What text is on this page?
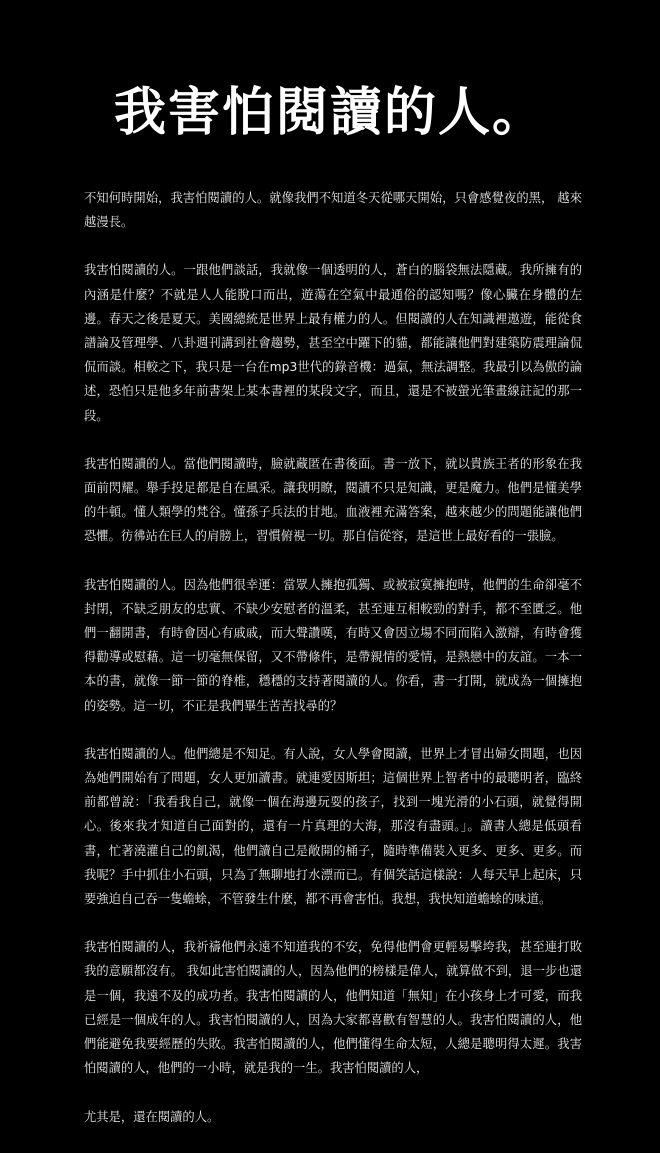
我害怕閱讀的人。

不知何時開始，我害怕閱讀的人。就像我們不知道冬天從哪天開始，只會感覺夜的黑， 越來越漫長。

我害怕閱讀的人。一跟他們談話，我就像一個透明的人，蒼白的腦袋無法隱藏。我所擁有的內涵是什麼？不就是人人能脫口而出，遊蕩在空氣中最通俗的認知嗎？像心臟在身體的左邊。春天之後是夏天。美國總統是世界上最有權力的人。但閱讀的人在知識裡遨遊，能從食譜論及管理學、八卦週刊講到社會趨勢，甚至空中躍下的貓，都能讓他們對建築防震理論侃侃而談。相較之下，我只是一台在mp3世代的錄音機：過氣，無法調整。我最引以為傲的論述，恐怕只是他多年前書架上某本書裡的某段文字，而且，還是不被螢光筆畫線註記的那一段。

我害怕閱讀的人。當他們閱讀時，臉就藏匿在書後面。書一放下，就以貴族王者的形象在我面前閃耀。舉手投足都是自在風采。讓我明瞭，閱讀不只是知識，更是魔力。他們是懂美學的牛頓。懂人類學的梵谷。懂孫子兵法的甘地。血液裡充滿答案，越來越少的問題能讓他們恐懼。彷彿站在巨人的肩膀上，習慣俯視一切。那自信從容，是這世上最好看的一張臉。

我害怕閱讀的人。因為他們很幸運：當眾人擁抱孤獨、或被寂寞擁抱時，他們的生命卻毫不封閉，不缺乏朋友的忠實、不缺少安慰者的溫柔，甚至連互相較勁的對手，都不至匱乏。他們一翻開書，有時會因心有戚戚，而大聲讚嘆，有時又會因立場不同而陷入激辯，有時會獲得勸導或慰藉。這一切毫無保留，又不帶條件，是帶親情的愛情，是熱戀中的友誼。一本一本的書，就像一節一節的脊椎，穩穩的支持著閱讀的人。你看，書一打開，就成為一個擁抱的姿勢。這一切，不正是我們畢生苦苦找尋的？

我害怕閱讀的人。他們總是不知足。有人說，女人學會閱讀，世界上才冒出婦女問題，也因為她們開始有了問題，女人更加讀書。就連愛因斯坦；這個世界上智者中的最聰明者，臨終前都曾說：「我看我自己，就像一個在海邊玩耍的孩子，找到一塊光滑的小石頭，就覺得開心。後來我才知道自己面對的，還有一片真理的大海，那沒有盡頭。」。讀書人總是低頭看書，忙著澆灌自己的飢渴，他們讀自己是敞開的桶子，隨時準備裝入更多、更多、更多。而我呢？手中抓住小石頭，只為了無聊地打水漂而已。有個笑話這樣說：人每天早上起床，只要強迫自己吞一隻蟾蜍，不管發生什麼，都不再會害怕。我想，我快知道蟾蜍的味道。

我害怕閱讀的人，我祈禱他們永遠不知道我的不安，免得他們會更輕易擊垮我，甚至連打敗我的意願都沒有。 我如此害怕閱讀的人，因為他們的榜樣是偉人，就算做不到，退一步也還是一個，我遠不及的成功者。我害怕閱讀的人，他們知道「無知」在小孩身上才可愛，而我已經是一個成年的人。我害怕閱讀的人，因為大家都喜歡有智慧的人。我害怕閱讀的人，他們能避免我要經歷的失敗。我害怕閱讀的人，他們懂得生命太短，人總是聰明得太遲。我害怕閱讀的人，他們的一小時，就是我的一生。我害怕閱讀的人，

尤其是，還在閱讀的人。
